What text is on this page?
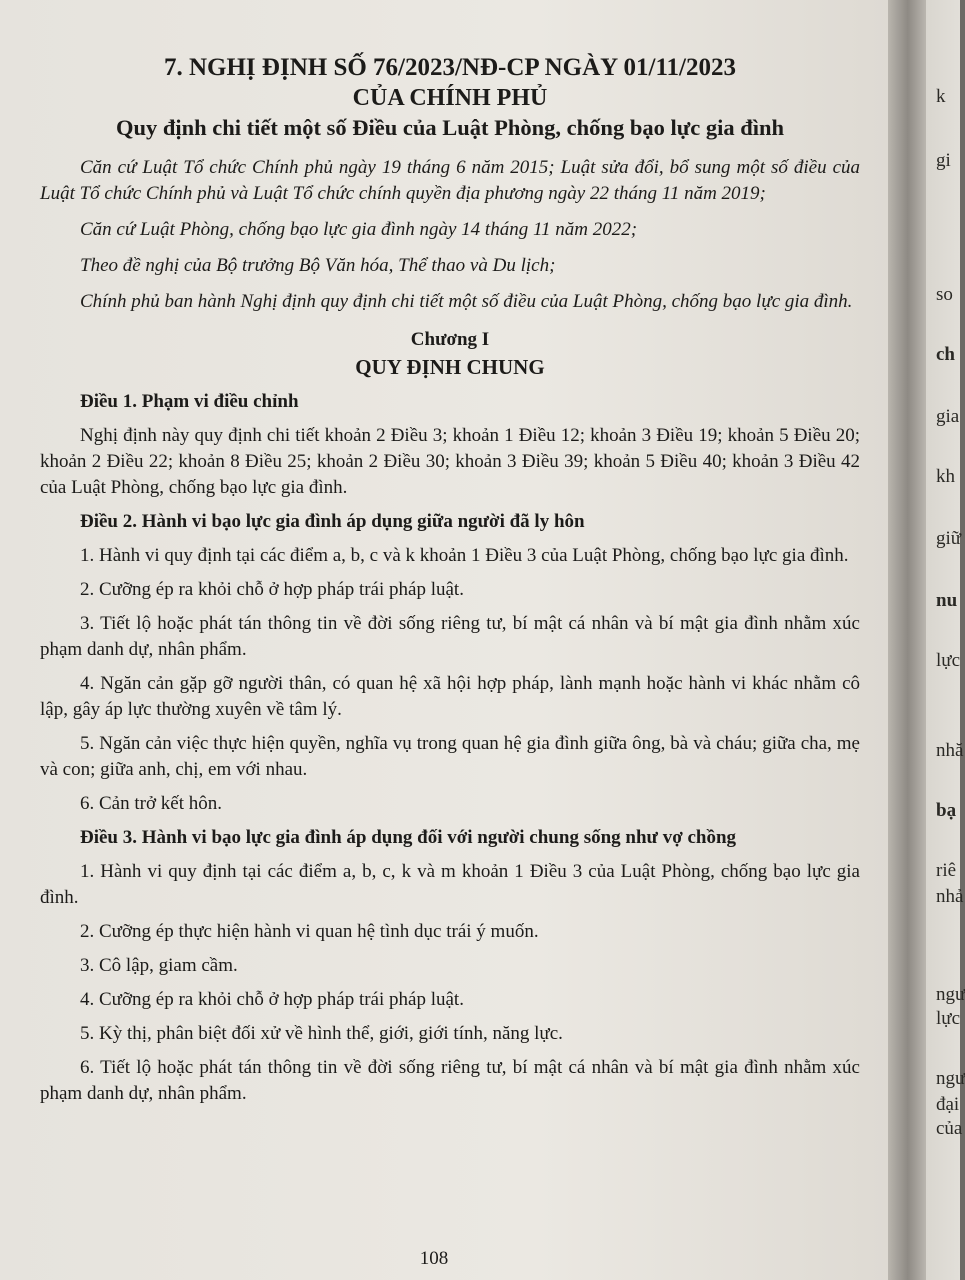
7. NGHỊ ĐỊNH SỐ 76/2023/NĐ-CP NGÀY 01/11/2023
CỦA CHÍNH PHỦ
Quy định chi tiết một số Điều của Luật Phòng, chống bạo lực gia đình

Căn cứ Luật Tổ chức Chính phủ ngày 19 tháng 6 năm 2015; Luật sửa đổi, bổ sung một số điều của Luật Tổ chức Chính phủ và Luật Tổ chức chính quyền địa phương ngày 22 tháng 11 năm 2019;

Căn cứ Luật Phòng, chống bạo lực gia đình ngày 14 tháng 11 năm 2022;

Theo đề nghị của Bộ trưởng Bộ Văn hóa, Thể thao và Du lịch;

Chính phủ ban hành Nghị định quy định chi tiết một số điều của Luật Phòng, chống bạo lực gia đình.

Chương I
QUY ĐỊNH CHUNG

Điều 1. Phạm vi điều chỉnh

Nghị định này quy định chi tiết khoản 2 Điều 3; khoản 1 Điều 12; khoản 3 Điều 19; khoản 5 Điều 20; khoản 2 Điều 22; khoản 8 Điều 25; khoản 2 Điều 30; khoản 3 Điều 39; khoản 5 Điều 40; khoản 3 Điều 42 của Luật Phòng, chống bạo lực gia đình.

Điều 2. Hành vi bạo lực gia đình áp dụng giữa người đã ly hôn

1. Hành vi quy định tại các điểm a, b, c và k khoản 1 Điều 3 của Luật Phòng, chống bạo lực gia đình.

2. Cưỡng ép ra khỏi chỗ ở hợp pháp trái pháp luật.

3. Tiết lộ hoặc phát tán thông tin về đời sống riêng tư, bí mật cá nhân và bí mật gia đình nhằm xúc phạm danh dự, nhân phẩm.

4. Ngăn cản gặp gỡ người thân, có quan hệ xã hội hợp pháp, lành mạnh hoặc hành vi khác nhằm cô lập, gây áp lực thường xuyên về tâm lý.

5. Ngăn cản việc thực hiện quyền, nghĩa vụ trong quan hệ gia đình giữa ông, bà và cháu; giữa cha, mẹ và con; giữa anh, chị, em với nhau.

6. Cản trở kết hôn.

Điều 3. Hành vi bạo lực gia đình áp dụng đối với người chung sống như vợ chồng

1. Hành vi quy định tại các điểm a, b, c, k và m khoản 1 Điều 3 của Luật Phòng, chống bạo lực gia đình.

2. Cưỡng ép thực hiện hành vi quan hệ tình dục trái ý muốn.

3. Cô lập, giam cầm.

4. Cưỡng ép ra khỏi chỗ ở hợp pháp trái pháp luật.

5. Kỳ thị, phân biệt đối xử về hình thể, giới, giới tính, năng lực.

6. Tiết lộ hoặc phát tán thông tin về đời sống riêng tư, bí mật cá nhân và bí mật gia đình nhằm xúc phạm danh dự, nhân phẩm.

108
k
gi
so
ch
gia
kh
giữ
nu
lực
nhă
bạ
riê
nhả
ngư
lực
ngư
đại
của
